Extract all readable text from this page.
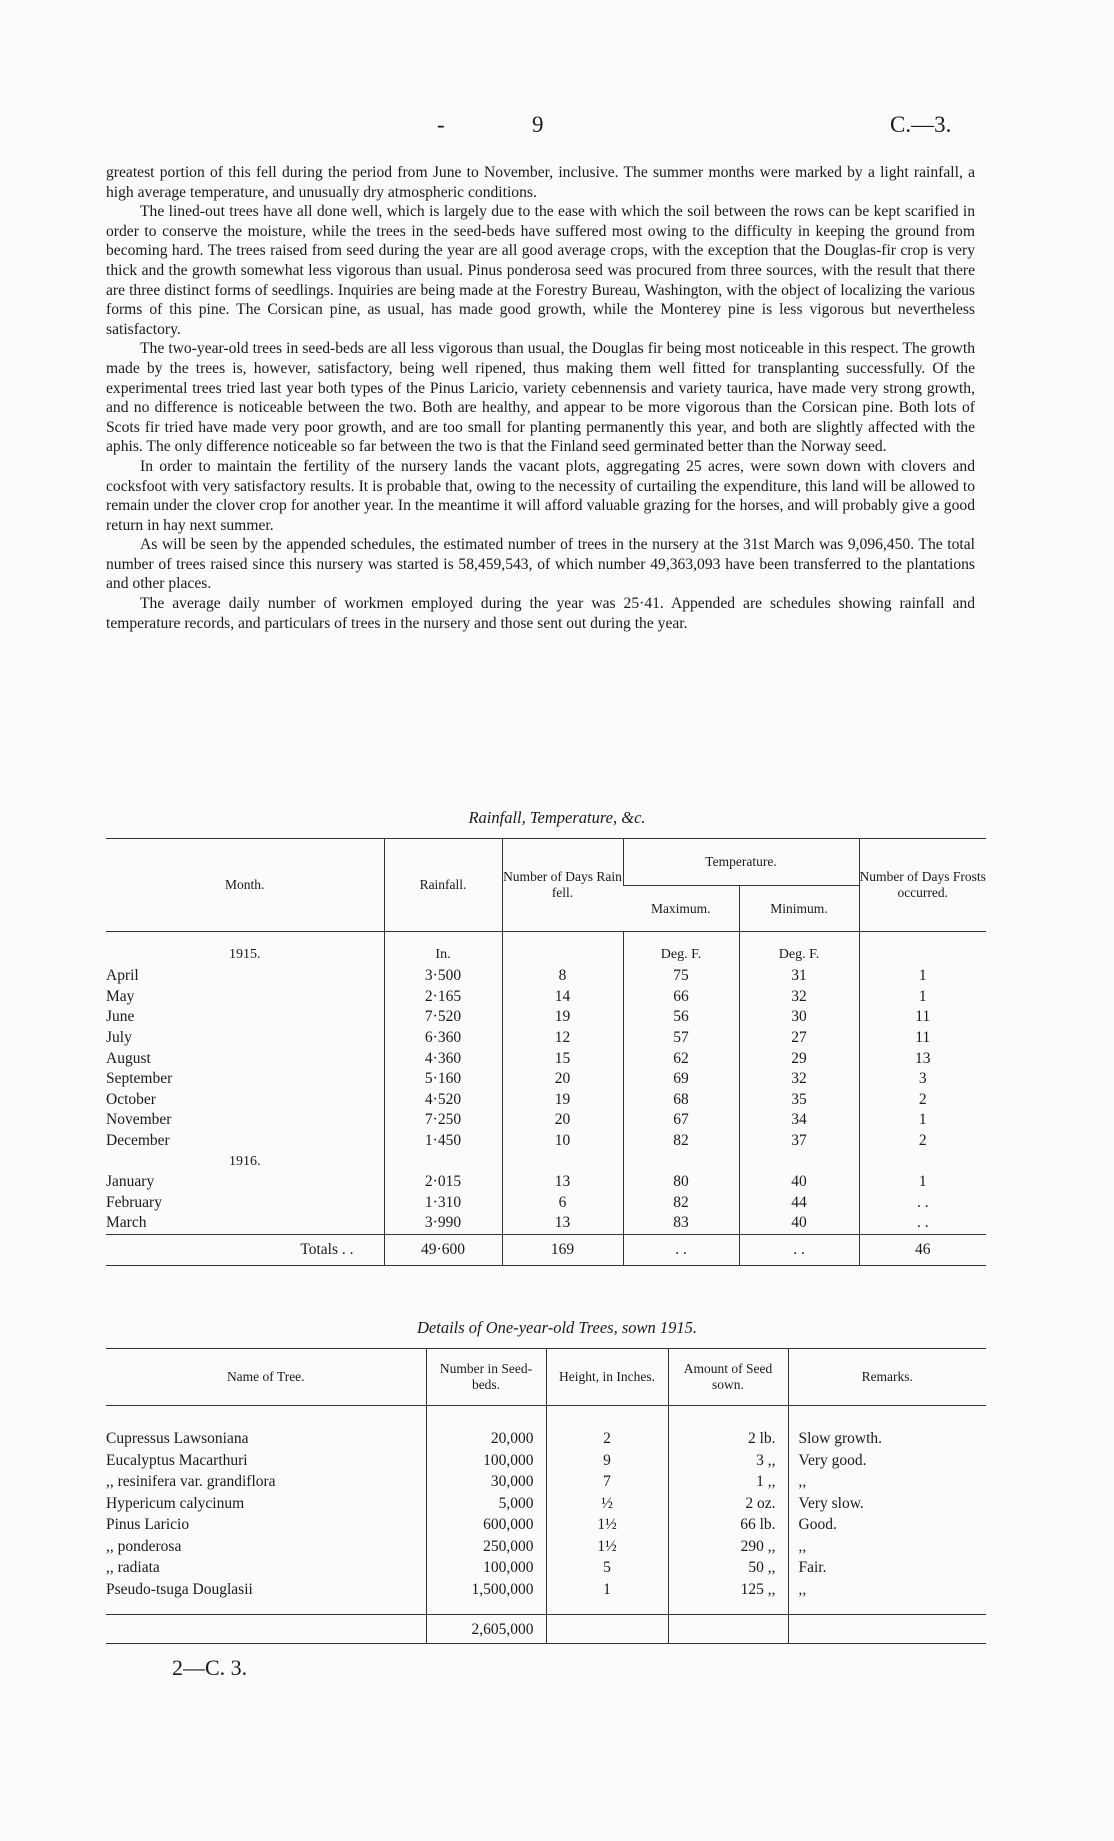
-	9	C.—3.

greatest portion of this fell during the period from June to November, inclusive. The summer months were marked by a light rainfall, a high average temperature, and unusually dry atmospheric conditions.

The lined-out trees have all done well, which is largely due to the ease with which the soil between the rows can be kept scarified in order to conserve the moisture, while the trees in the seed-beds have suffered most owing to the difficulty in keeping the ground from becoming hard. The trees raised from seed during the year are all good average crops, with the exception that the Douglas-fir crop is very thick and the growth somewhat less vigorous than usual. Pinus ponderosa seed was procured from three sources, with the result that there are three distinct forms of seedlings. Inquiries are being made at the Forestry Bureau, Washington, with the object of localizing the various forms of this pine. The Corsican pine, as usual, has made good growth, while the Monterey pine is less vigorous but nevertheless satisfactory.

The two-year-old trees in seed-beds are all less vigorous than usual, the Douglas fir being most noticeable in this respect. The growth made by the trees is, however, satisfactory, being well ripened, thus making them well fitted for transplanting successfully. Of the experimental trees tried last year both types of the Pinus Laricio, variety cebennensis and variety taurica, have made very strong growth, and no difference is noticeable between the two. Both are healthy, and appear to be more vigorous than the Corsican pine. Both lots of Scots fir tried have made very poor growth, and are too small for planting permanently this year, and both are slightly affected with the aphis. The only difference noticeable so far between the two is that the Finland seed germinated better than the Norway seed.

In order to maintain the fertility of the nursery lands the vacant plots, aggregating 25 acres, were sown down with clovers and cocksfoot with very satisfactory results. It is probable that, owing to the necessity of curtailing the expenditure, this land will be allowed to remain under the clover crop for another year. In the meantime it will afford valuable grazing for the horses, and will probably give a good return in hay next summer.

As will be seen by the appended schedules, the estimated number of trees in the nursery at the 31st March was 9,096,450. The total number of trees raised since this nursery was started is 58,459,543, of which number 49,363,093 have been transferred to the plantations and other places.

The average daily number of workmen employed during the year was 25·41. Appended are schedules showing rainfall and temperature records, and particulars of trees in the nursery and those sent out during the year.

Rainfall, Temperature, &c.
Month.	Rainfall.	Number of Days Rain fell.	Temperature.		Number of Days Frosts occurred.
			Maximum.	Minimum.	
1915.	In.		Deg. F.	Deg. F.	
April	3·500	8	75	31	1
May	2·165	14	66	32	1
June	7·520	19	56	30	11
July	6·360	12	57	27	11
August	4·360	15	62	29	13
September	5·160	20	69	32	3
October	4·520	19	68	35	2
November	7·250	20	67	34	1
December	1·450	10	82	37	2
1916.					
January	2·015	13	80	40	1
February	1·310	6	82	44	. .
March	3·990	13	83	40	. .
Totals . .	49·600	169	. .	. .	46
Details of One-year-old Trees, sown 1915.
Name of Tree.	Number in Seed-beds.	Height, in Inches.	Amount of Seed sown.	Remarks.

Cupressus Lawsoniana	20,000	2	2 lb.	Slow growth.
Eucalyptus Macarthuri	100,000	9	3 ,,	Very good.
,, resinifera var. grandiflora	30,000	7	1 ,,	,,
Hypericum calycinum	5,000	½	2 oz.	Very slow.
Pinus Laricio	600,000	1½	66 lb.	Good.
,, ponderosa	250,000	1½	290 ,,	,,
,, radiata	100,000	5	50 ,,	Fair.
Pseudo-tsuga Douglasii	1,500,000	1	125 ,,	,,

	2,605,000			
2—C. 3.
